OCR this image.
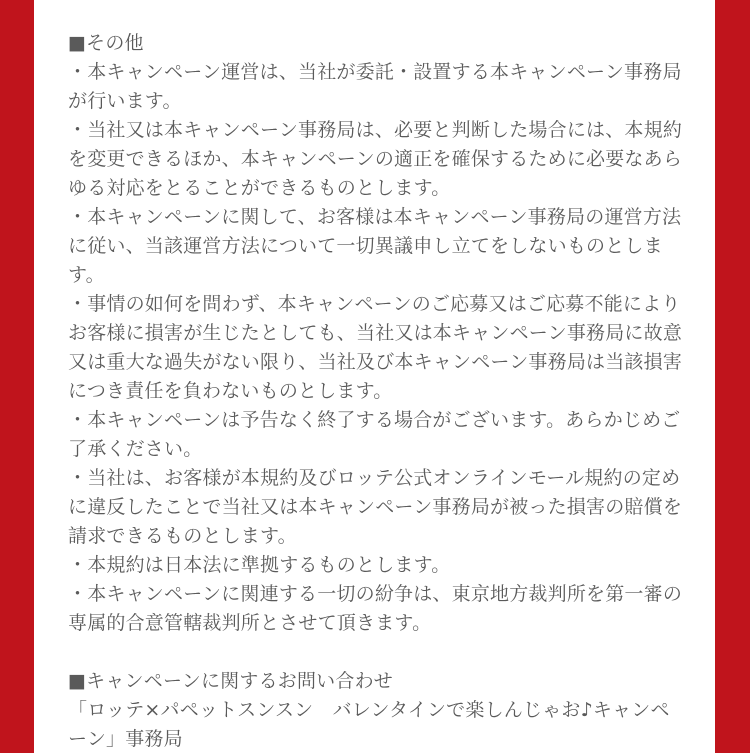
■その他

・本キャンペーン運営は、当社が委託・設置する本キャンペーン事務局が行います。

・当社又は本キャンペーン事務局は、必要と判断した場合には、本規約を変更できるほか、本キャンペーンの適正を確保するために必要なあらゆる対応をとることができるものとします。

・本キャンペーンに関して、お客様は本キャンペーン事務局の運営方法に従い、当該運営方法について一切異議申し立てをしないものとします。

・事情の如何を問わず、本キャンペーンのご応募又はご応募不能によりお客様に損害が生じたとしても、当社又は本キャンペーン事務局に故意又は重大な過失がない限り、当社及び本キャンペーン事務局は当該損害につき責任を負わないものとします。

・本キャンペーンは予告なく終了する場合がございます。あらかじめご了承ください。

・当社は、お客様が本規約及びロッテ公式オンラインモール規約の定めに違反したことで当社又は本キャンペーン事務局が被った損害の賠償を請求できるものとします。

・本規約は日本法に準拠するものとします。

・本キャンペーンに関連する一切の紛争は、東京地方裁判所を第一審の専属的合意管轄裁判所とさせて頂きます。

■キャンペーンに関するお問い合わせ

「ロッテ×パペットスンスン　バレンタインで楽しんじゃお♪キャンペーン」事務局
